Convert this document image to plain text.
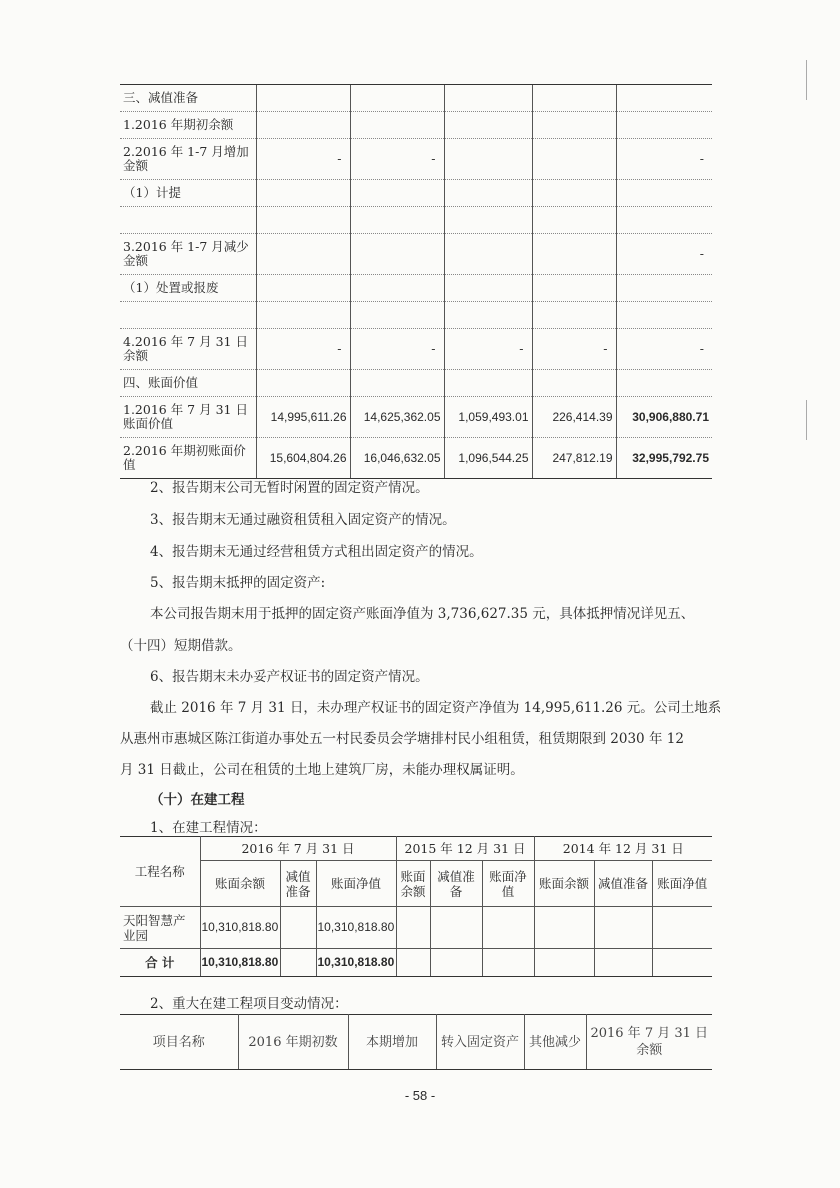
三、减值准备					
1.2016 年期初余额					
2.2016 年 1-7 月增加金额	-	-			-
（1）计提					

3.2016 年 1-7 月减少金额					-
（1）处置或报废					

4.2016 年 7 月 31 日余额	-	-	-	-	-
四、账面价值					
1.2016 年 7 月 31 日账面价值	14,995,611.26	14,625,362.05	1,059,493.01	226,414.39	30,906,880.71
2.2016 年期初账面价值	15,604,804.26	16,046,632.05	1,096,544.25	247,812.19	32,995,792.75
2、报告期末公司无暂时闲置的固定资产情况。
3、报告期末无通过融资租赁租入固定资产的情况。
4、报告期末无通过经营租赁方式租出固定资产的情况。
5、报告期末抵押的固定资产:
本公司报告期末用于抵押的固定资产账面净值为 3,736,627.35 元，具体抵押情况详见五、
（十四）短期借款。
6、报告期末未办妥产权证书的固定资产情况。
截止 2016 年 7 月 31 日，未办理产权证书的固定资产净值为 14,995,611.26 元。公司土地系
从惠州市惠城区陈江街道办事处五一村民委员会学塘排村民小组租赁，租赁期限到 2030 年 12
月 31 日截止，公司在租赁的土地上建筑厂房，未能办理权属证明。
（十）在建工程
1、在建工程情况：
工程名称	2016 年 7 月 31 日			2015 年 12 月 31 日			2014 年 12 月 31 日		
	账面余额	减值准备	账面净值	账面余额	减值准备	账面净值	账面余额	减值准备	账面净值
天阳智慧产业园	10,310,818.80		10,310,818.80						
合 计	10,310,818.80		10,310,818.80						
2、重大在建工程项目变动情况：
项目名称	2016 年期初数	本期增加	转入固定资产	其他减少	2016 年 7 月 31 日余额
- 58 -
